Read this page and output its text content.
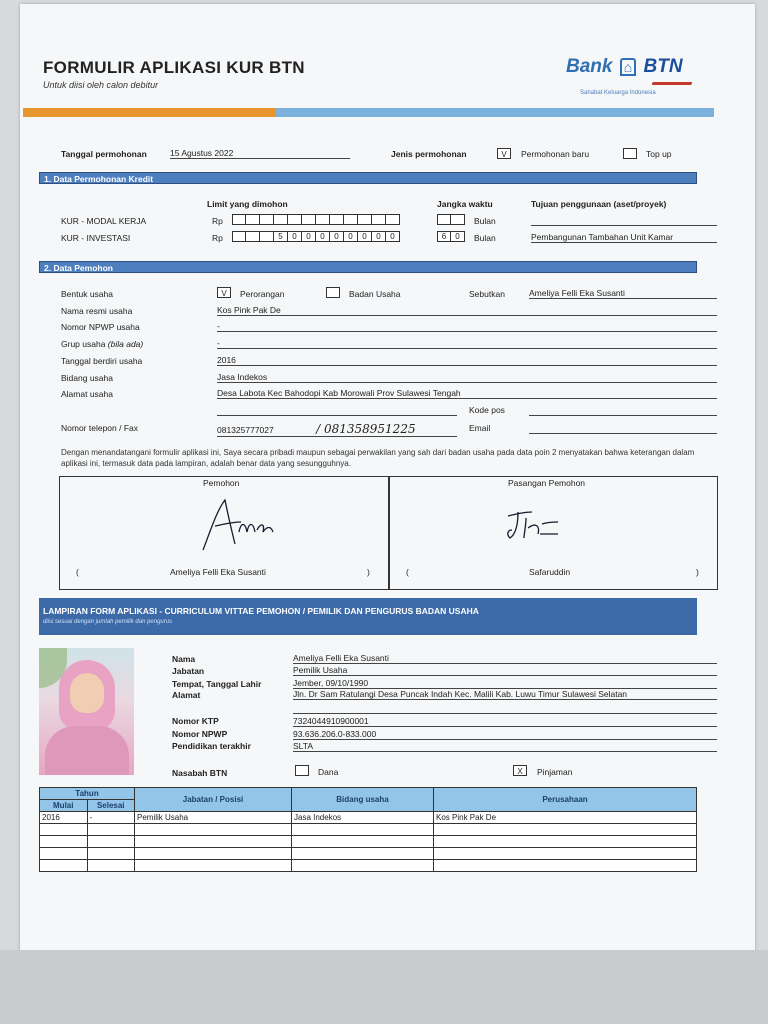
FORMULIR APLIKASI KUR BTN
Untuk diisi oleh calon debitur
Bank ⌂ BTN
Sahabat Keluarga Indonesia
Tanggal permohonan	15 Agustus 2022	Jenis permohonan	V	Permohonan baru	Top up
1. Data Permohonan Kredit
Limit yang dimohon	Jangka waktu	Tujuan penggunaan (aset/proyek)
KUR - MODAL KERJA	Rp	Bulan
KUR - INVESTASI	Rp	5	0	0	0	0	0	0	0	0	6	0	Bulan	Pembangunan Tambahan Unit Kamar
2. Data Pemohon
Bentuk usaha	V	Perorangan	Badan Usaha	Sebutkan	Ameliya Felli Eka Susanti
Nama resmi usaha	Kos Pink Pak De
Nomor NPWP usaha	-
Grup usaha (bila ada)	-
Tanggal berdiri usaha	2016
Bidang usaha	Jasa Indekos
Alamat usaha	Desa Labota Kec Bahodopi Kab Morowali Prov Sulawesi Tengah
Kode pos
Nomor telepon / Fax	081325777027	/ 081358951225	Email
Dengan menandatangani formulir aplikasi ini, Saya secara pribadi maupun sebagai perwakilan yang sah dari badan usaha pada data poin 2 menyatakan bahwa keterangan dalam aplikasi ini, termasuk data pada lampiran, adalah benar data yang sesungguhnya.
Pemohon	Pasangan Pemohon
(	Ameliya Felli Eka Susanti	)	(	Safaruddin	)
LAMPIRAN FORM APLIKASI - CURRICULUM VITTAE PEMOHON / PEMILIK DAN PENGURUS BADAN USAHA
diisi sesuai dengan jumlah pemilik dan pengurus
Nama	Ameliya Felli Eka Susanti
Jabatan	Pemilik Usaha
Tempat, Tanggal Lahir	Jember, 09/10/1990
Alamat	Jln. Dr Sam Ratulangi Desa Puncak Indah Kec. Malili Kab. Luwu Timur Sulawesi Selatan
Nomor KTP	7324044910900001
Nomor NPWP	93.636.206.0-833.000
Pendidikan terakhir	SLTA
Nasabah BTN	Dana	X	Pinjaman
Tahun		Jabatan / Posisi	Bidang usaha	Perusahaan
Mulai	Selesai			
2016	-	Pemilik Usaha	Jasa Indekos	Kos Pink Pak De
